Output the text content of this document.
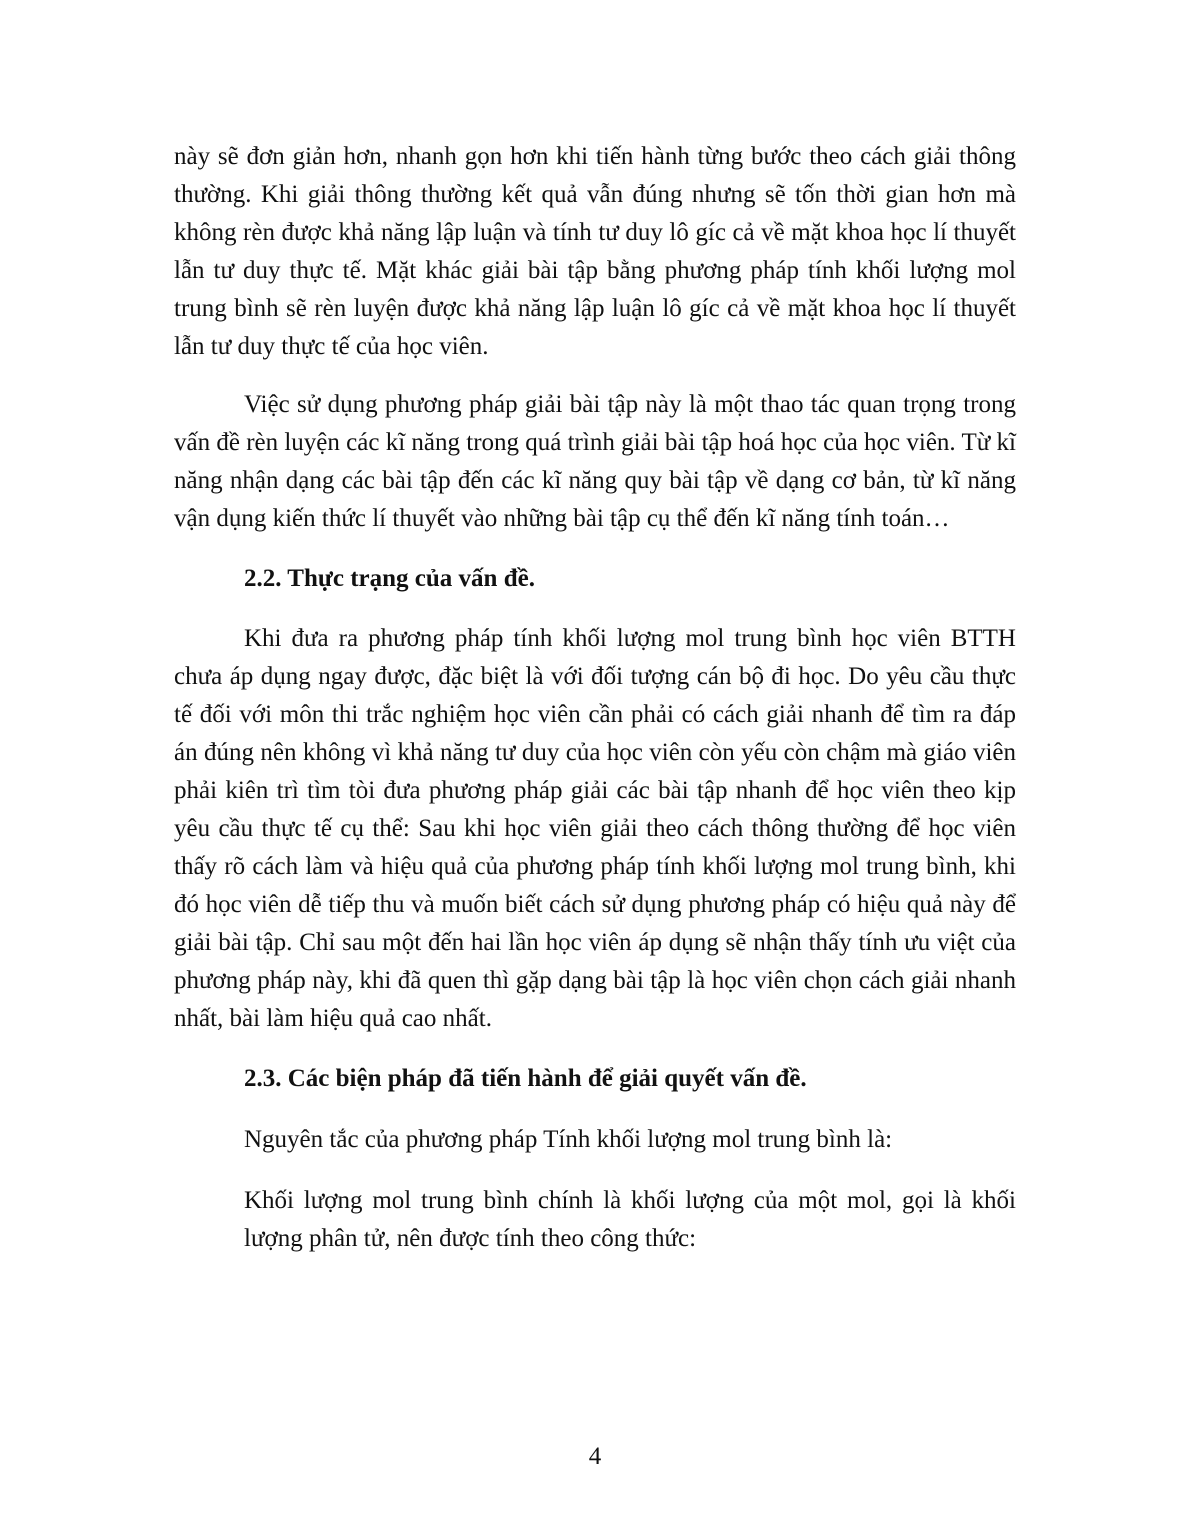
này sẽ đơn giản hơn, nhanh gọn hơn khi tiến hành từng bước theo cách giải thông thường. Khi giải thông thường kết quả vẫn đúng nhưng sẽ tốn thời gian hơn mà không rèn được khả năng lập luận và tính tư duy lô gíc cả về mặt khoa học lí thuyết lẫn tư duy thực tế. Mặt khác giải bài tập bằng phương pháp tính khối lượng mol trung bình sẽ rèn luyện được khả năng lập luận lô gíc cả về mặt khoa học lí thuyết lẫn tư duy thực tế của học viên.

Việc sử dụng phương pháp giải bài tập này là một thao tác quan trọng trong vấn đề rèn luyện các kĩ năng trong quá trình giải bài tập hoá học của học viên. Từ kĩ năng nhận dạng các bài tập đến các kĩ năng quy bài tập về dạng cơ bản, từ kĩ năng vận dụng kiến thức lí thuyết vào những bài tập cụ thể đến kĩ năng tính toán…

2.2. Thực trạng của vấn đề.

Khi đưa ra phương pháp tính khối lượng mol trung bình học viên BTTH chưa áp dụng ngay được, đặc biệt là với đối tượng cán bộ đi học. Do yêu cầu thực tế đối với môn thi trắc nghiệm học viên cần phải có cách giải nhanh để tìm ra đáp án đúng nên không vì khả năng tư duy của học viên còn yếu còn chậm mà giáo viên phải kiên trì tìm tòi đưa phương pháp giải các bài tập nhanh để học viên theo kịp yêu cầu thực tế cụ thể: Sau khi học viên giải theo cách thông thường để học viên thấy rõ cách làm và hiệu quả của phương pháp tính khối lượng mol trung bình, khi đó học viên dễ tiếp thu và muốn biết cách sử dụng phương pháp có hiệu quả này để giải bài tập. Chỉ sau một đến hai lần học viên áp dụng sẽ nhận thấy tính ưu việt của phương pháp này, khi đã quen thì gặp dạng bài tập là học viên chọn cách giải nhanh nhất, bài làm hiệu quả cao nhất.

2.3. Các biện pháp đã tiến hành để giải quyết vấn đề.

Nguyên tắc của phương pháp Tính khối lượng mol trung bình là:

Khối lượng mol trung bình chính là khối lượng của một mol, gọi là khối lượng phân tử, nên được tính theo công thức:

4
